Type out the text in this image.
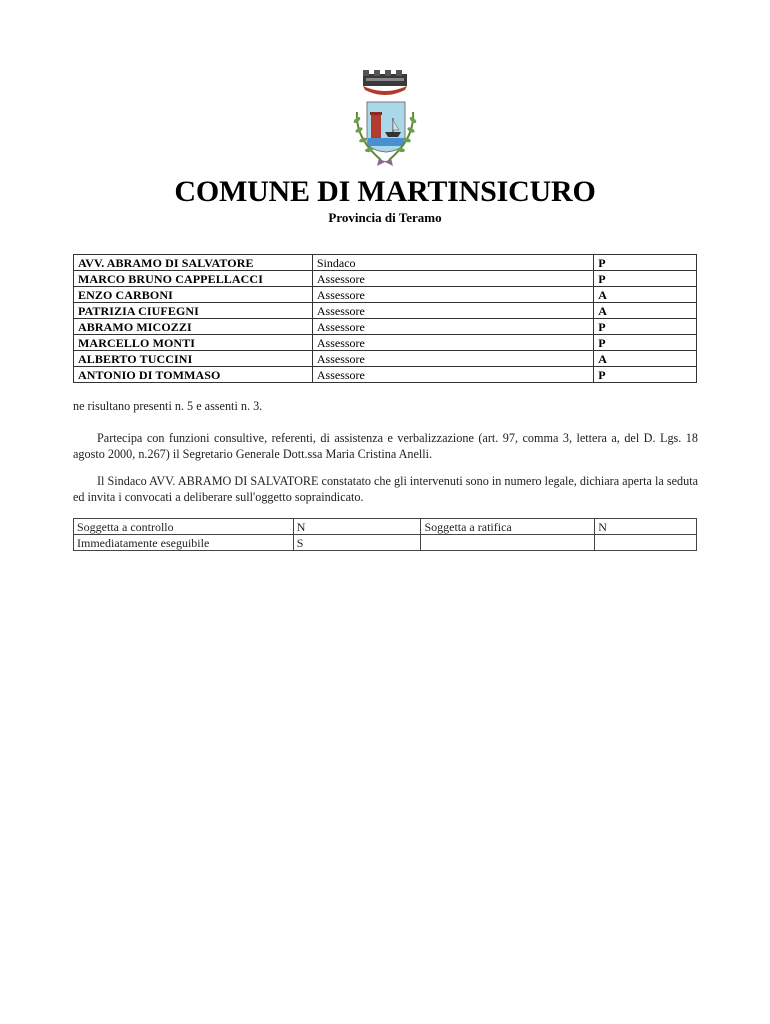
COMUNE DI MARTINSICURO
Provincia di Teramo
AVV. ABRAMO DI SALVATORE	Sindaco	P
MARCO BRUNO CAPPELLACCI	Assessore	P
ENZO CARBONI	Assessore	A
PATRIZIA CIUFEGNI	Assessore	A
ABRAMO MICOZZI	Assessore	P
MARCELLO MONTI	Assessore	P
ALBERTO TUCCINI	Assessore	A
ANTONIO DI TOMMASO	Assessore	P
ne risultano presenti n. 5 e assenti n. 3.
Partecipa con funzioni consultive, referenti, di assistenza e verbalizzazione (art. 97, comma 3, lettera a, del D. Lgs. 18 agosto 2000, n.267) il Segretario Generale Dott.ssa Maria Cristina Anelli.
Il Sindaco AVV. ABRAMO DI SALVATORE constatato che gli intervenuti sono in numero legale, dichiara aperta la seduta ed invita i convocati a deliberare sull'oggetto sopraindicato.
Soggetta a controllo	N	Soggetta a ratifica	N
Immediatamente eseguibile	S		
